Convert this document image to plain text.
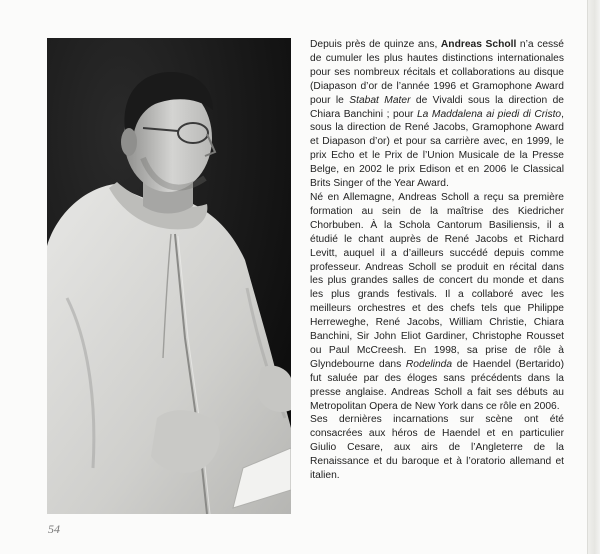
Depuis près de quinze ans, Andreas Scholl n’a cessé de cumuler les plus hautes distinctions internationales pour ses nombreux récitals et collaborations au disque (Diapason d’or de l’année 1996 et Gramophone Award pour le Stabat Mater de Vivaldi sous la direction de Chiara Banchini ; pour La Maddalena ai piedi di Cristo, sous la direction de René Jacobs, Gramophone Award et Diapason d’or) et pour sa carrière avec, en 1999, le prix Echo et le Prix de l’Union Musicale de la Presse Belge, en 2002 le prix Edison et en 2006 le Classical Brits Singer of the Year Award.

Né en Allemagne, Andreas Scholl a reçu sa première formation au sein de la maîtrise des Kiedricher Chorbuben. À la Schola Cantorum Basiliensis, il a étudié le chant auprès de René Jacobs et Richard Levitt, auquel il a d’ailleurs succédé depuis comme professeur. Andreas Scholl se produit en récital dans les plus grandes salles de concert du monde et dans les plus grands festivals. Il a collaboré avec les meilleurs orchestres et des chefs tels que Philippe Herreweghe, René Jacobs, William Christie, Chiara Banchini, Sir John Eliot Gardiner, Christophe Rousset ou Paul McCreesh. En 1998, sa prise de rôle à Glyndebourne dans Rodelinda de Haendel (Bertarido) fut saluée par des éloges sans précédents dans la presse anglaise. Andreas Scholl a fait ses débuts au Metropolitan Opera de New York dans ce rôle en 2006.

Ses dernières incarnations sur scène ont été consacrées aux héros de Haendel et en particulier Giulio Cesare, aux airs de l’Angleterre de la Renaissance et du baroque et à l’oratorio allemand et italien.

54
